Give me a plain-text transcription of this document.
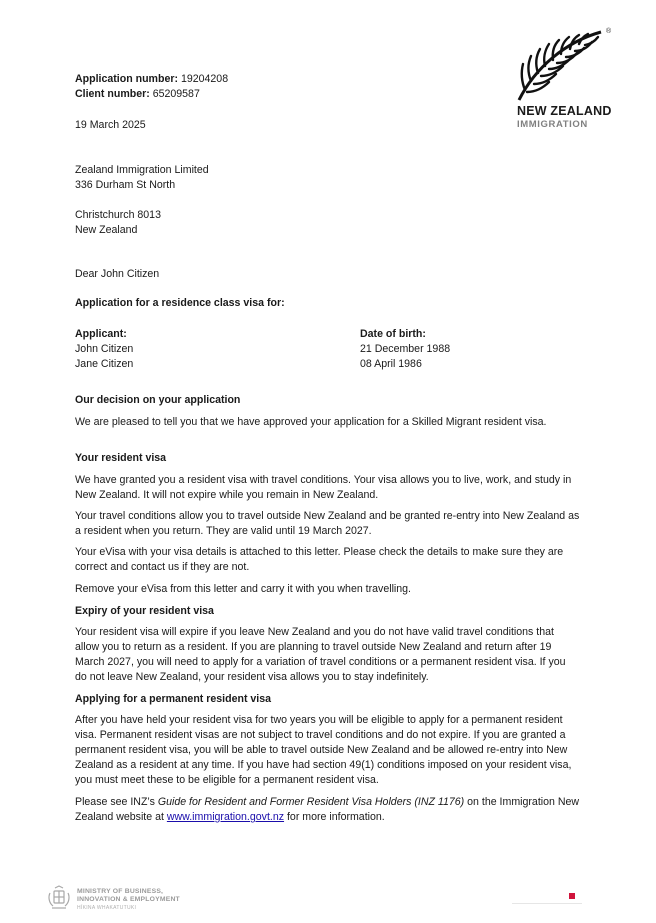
®
NEW ZEALAND
IMMIGRATION
Application number: 19204208
Client number: 65209587
19 March 2025
Zealand Immigration Limited
336 Durham St North
Christchurch 8013
New Zealand
Dear John Citizen
Application for a residence class visa for:
Applicant:	Date of birth:
John Citizen	21 December 1988
Jane Citizen	08 April 1986
Our decision on your application
We are pleased to tell you that we have approved your application for a Skilled Migrant resident visa.
Your resident visa
We have granted you a resident visa with travel conditions. Your visa allows you to live, work, and study in New Zealand. It will not expire while you remain in New Zealand.
Your travel conditions allow you to travel outside New Zealand and be granted re-entry into New Zealand as a resident when you return. They are valid until 19 March 2027.
Your eVisa with your visa details is attached to this letter. Please check the details to make sure they are correct and contact us if they are not.
Remove your eVisa from this letter and carry it with you when travelling.
Expiry of your resident visa
Your resident visa will expire if you leave New Zealand and you do not have valid travel conditions that allow you to return as a resident. If you are planning to travel outside New Zealand and return after 19 March 2027, you will need to apply for a variation of travel conditions or a permanent resident visa. If you do not leave New Zealand, your resident visa allows you to stay indefinitely.
Applying for a permanent resident visa
After you have held your resident visa for two years you will be eligible to apply for a permanent resident visa. Permanent resident visas are not subject to travel conditions and do not expire. If you are granted a permanent resident visa, you will be able to travel outside New Zealand and be allowed re-entry into New Zealand as a resident at any time. If you have had section 49(1) conditions imposed on your resident visa, you must meet these to be eligible for a permanent resident visa.
Please see INZ’s Guide for Resident and Former Resident Visa Holders (INZ 1176) on the Immigration New Zealand website at www.immigration.govt.nz for more information.
MINISTRY OF BUSINESS,
INNOVATION & EMPLOYMENT
HĪKINA WHAKATUTUKI
